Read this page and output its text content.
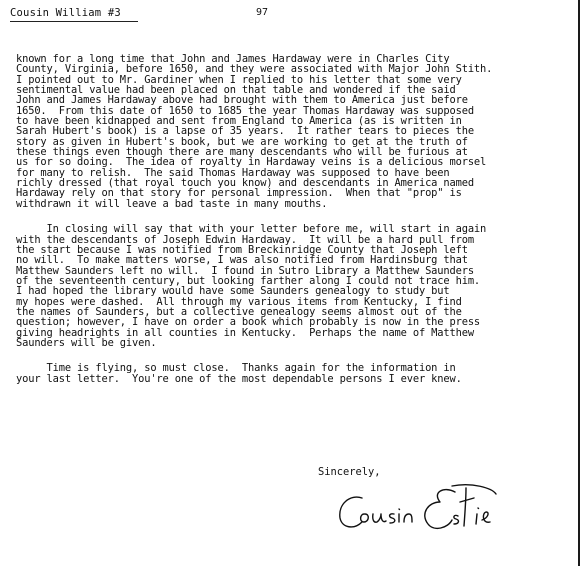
Cousin William #3	97

known for a long time that John and James Hardaway were in Charles City
County, Virginia, before 1650, and they were associated with Major John Stith.
I pointed out to Mr. Gardiner when I replied to his letter that some very
sentimental value had been placed on that table and wondered if the said
John and James Hardaway above had brought with them to America just before
1650.  From this date of 1650 to 1685 the year Thomas Hardaway was supposed
to have been kidnapped and sent from England to America (as is written in
Sarah Hubert's book) is a lapse of 35 years.  It rather tears to pieces the
story as given in Hubert's book, but we are working to get at the truth of
these things even though there are many descendants who will be furious at
us for so doing.  The idea of royalty in Hardaway veins is a delicious morsel
for many to relish.  The said Thomas Hardaway was supposed to have been
richly dressed (that royal touch you know) and descendants in America named
Hardaway rely on that story for personal impression.  When that "prop" is
withdrawn it will leave a bad taste in many mouths.

In closing will say that with your letter before me, will start in again
with the descendants of Joseph Edwin Hardaway.  It will be a hard pull from
the start because I was notified from Breckinridge County that Joseph left
no will.  To make matters worse, I was also notified from Hardinsburg that
Matthew Saunders left no will.  I found in Sutro Library a Matthew Saunders
of the seventeenth century, but looking farther along I could not trace him.
I had hoped the library would have some Saunders genealogy to study but
my hopes were dashed.  All through my various items from Kentucky, I find
the names of Saunders, but a collective genealogy seems almost out of the
question; however, I have on order a book which probably is now in the press
giving headrights in all counties in Kentucky.  Perhaps the name of Matthew
Saunders will be given.

Time is flying, so must close.  Thanks again for the information in
your last letter.  You're one of the most dependable persons I ever knew.

Sincerely,
